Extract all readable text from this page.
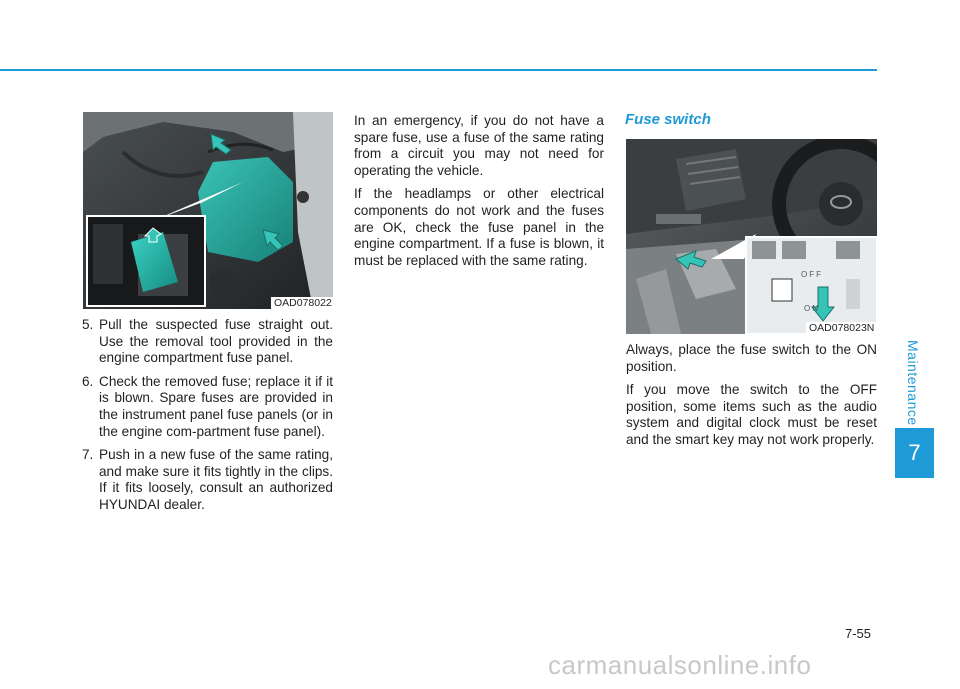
OAD078022
5. Pull the suspected fuse straight out. Use the removal tool provided in the engine compartment fuse panel.
6. Check the removed fuse; replace it if it is blown. Spare fuses are provided in the instrument panel fuse panels (or in the engine com-partment fuse panel).
7. Push in a new fuse of the same rating, and make sure it fits tightly in the clips. If it fits loosely, consult an authorized HYUNDAI dealer.

In an emergency, if you do not have a spare fuse, use a fuse of the same rating from a circuit you may not need for operating the vehicle.

If the headlamps or other electrical components do not work and the fuses are OK, check the fuse panel in the engine compartment. If a fuse is blown, it must be replaced with the same rating.

Fuse switch
OFF
ON
OAD078023N

Always, place the fuse switch to the ON position.

If you move the switch to the OFF position, some items such as the audio system and digital clock must be reset and the smart key may not work properly.

Maintenance
7
7-55
carmanualsonline.info
